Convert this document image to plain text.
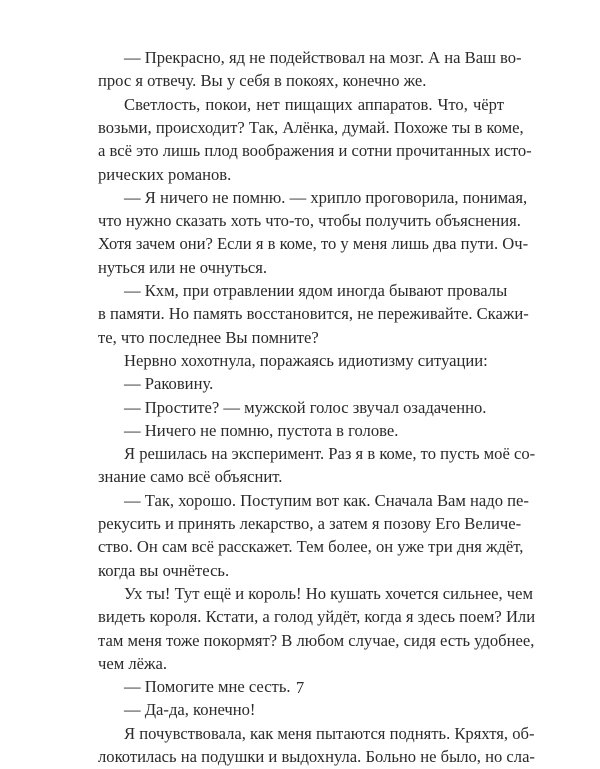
— Прекрасно, яд не подействовал на мозг. А на Ваш во-
прос я отвечу. Вы у себя в покоях, конечно же.
Светлость, покои, нет пищащих аппаратов. Что, чёрт
возьми, происходит? Так, Алёнка, думай. Похоже ты в коме,
а всё это лишь плод воображения и сотни прочитанных исто-
рических романов.
— Я ничего не помню. — хрипло проговорила, понимая,
что нужно сказать хоть что-то, чтобы получить объяснения.
Хотя зачем они? Если я в коме, то у меня лишь два пути. Оч-
нуться или не очнуться.
— Кхм, при отравлении ядом иногда бывают провалы
в памяти. Но память восстановится, не переживайте. Скажи-
те, что последнее Вы помните?
Нервно хохотнула, поражаясь идиотизму ситуации:
— Раковину.
— Простите? — мужской голос звучал озадаченно.
— Ничего не помню, пустота в голове.
Я решилась на эксперимент. Раз я в коме, то пусть моё со-
знание само всё объяснит.
— Так, хорошо. Поступим вот как. Сначала Вам надо пе-
рекусить и принять лекарство, а затем я позову Его Величе-
ство. Он сам всё расскажет. Тем более, он уже три дня ждёт,
когда вы очнётесь.
Ух ты! Тут ещё и король! Но кушать хочется сильнее, чем
видеть короля. Кстати, а голод уйдёт, когда я здесь поем? Или
там меня тоже покормят? В любом случае, сидя есть удобнее,
чем лёжа.
— Помогите мне сесть.
— Да-да, конечно!
Я почувствовала, как меня пытаются поднять. Кряхтя, об-
локотилась на подушки и выдохнула. Больно не было, но сла-
7
